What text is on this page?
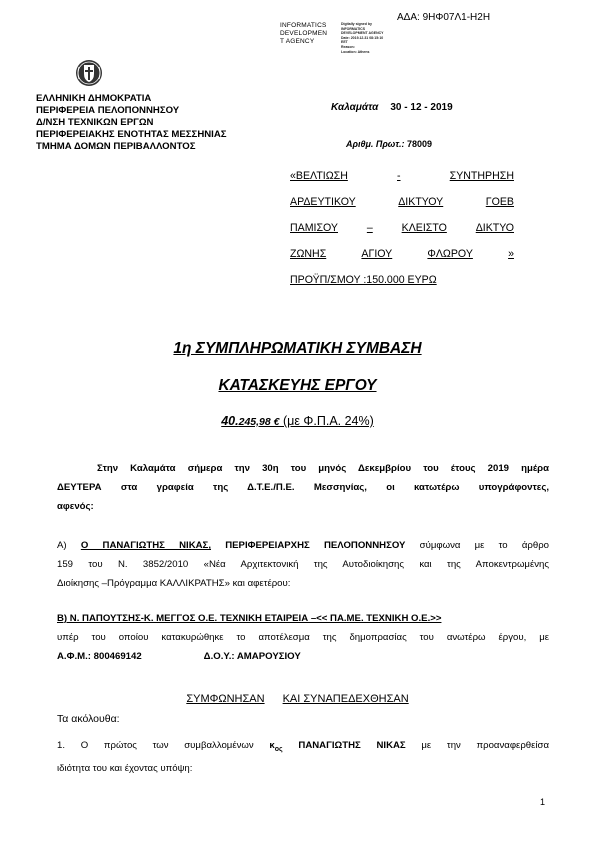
ΑΔΑ: 9ΗΦ07Λ1-Η2Η
INFORMATICS
DEVELOPMEN
T AGENCY
Digitally signed by
INFORMATICS
DEVELOPMENT AGENCY
Date: 2019.12.31 08:15:10
EET
Reason:
Location: Athens
ΕΛΛΗΝΙΚΗ ΔΗΜΟΚΡΑΤΙΑ
ΠΕΡΙΦΕΡΕΙΑ ΠΕΛΟΠΟΝΝΗΣΟΥ
Δ/ΝΣΗ ΤΕΧΝΙΚΩΝ ΕΡΓΩΝ
ΠΕΡΙΦΕΡΕΙΑΚΗΣ ΕΝΟΤΗΤΑΣ ΜΕΣΣΗΝΙΑΣ
ΤΜΗΜΑ ΔΟΜΩΝ ΠΕΡΙΒΑΛΛΟΝΤΟΣ
Καλαμάτα 30 - 12 - 2019
Αριθμ. Πρωτ.: 78009
«ΒΕΛΤΙΩΣΗ	-	ΣΥΝΤΗΡΗΣΗ
ΑΡΔΕΥΤΙΚΟΥ	ΔΙΚΤΥΟΥ	ΓΟΕΒ
ΠΑΜΙΣΟΥ	–	ΚΛΕΙΣΤΟ	ΔΙΚΤΥΟ
ΖΩΝΗΣ	ΑΓΙΟΥ	ΦΛΩΡΟΥ	»
ΠΡΟΫΠ/ΣΜΟΥ :150.000 ΕΥΡΩ
1η ΣΥΜΠΛΗΡΩΜΑΤΙΚΗ ΣΥΜΒΑΣΗ
ΚΑΤΑΣΚΕΥΗΣ ΕΡΓΟΥ
40.245,98 € (με Φ.Π.Α. 24%)
Στην Καλαμάτα σήμερα την 30η του μηνός Δεκεμβρίου του έτους 2019 ημέρα
ΔΕΥΤΕΡΑ στα γραφεία της Δ.Τ.Ε./Π.Ε. Μεσσηνίας, οι κατωτέρω υπογράφοντες,
αφενός:
Α) Ο ΠΑΝΑΓΙΩΤΗΣ ΝΙΚΑΣ, ΠΕΡΙΦΕΡΕΙΑΡΧΗΣ ΠΕΛΟΠΟΝΝΗΣΟΥ σύμφωνα με το άρθρο
159 του Ν. 3852/2010 «Νέα Αρχιτεκτονική της Αυτοδιοίκησης και της Αποκεντρωμένης
Διοίκησης –Πρόγραμμα ΚΑΛΛΙΚΡΑΤΗΣ» και αφετέρου:
Β) Ν. ΠΑΠΟΥΤΣΗΣ-Κ. ΜΕΓΓΟΣ Ο.Ε. ΤΕΧΝΙΚΗ ΕΤΑΙΡΕΙΑ –<< ΠΑ.ΜΕ. ΤΕΧΝΙΚΗ Ο.Ε.>>
υπέρ του οποίου κατακυρώθηκε το αποτέλεσμα της δημοπρασίας του ανωτέρω έργου, με
Α.Φ.Μ.: 800469142	Δ.Ο.Υ.: ΑΜΑΡΟΥΣΙΟΥ
ΣΥΜΦΩΝΗΣΑΝ ΚΑΙ ΣΥΝΑΠΕΔΕΧΘΗΣΑΝ
Τα ακόλουθα:
1. Ο πρώτος των συμβαλλομένων $\kappa_{o\varsigma}$ ΠΑΝΑΓΙΩΤΗΣ ΝΙΚΑΣ με την προαναφερθείσα
ιδιότητα του και έχοντας υπόψη:
1
